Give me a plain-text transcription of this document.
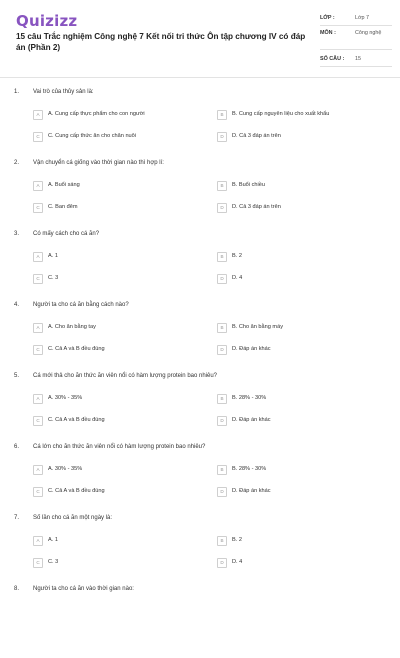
Quizizz
15 câu Trắc nghiệm Công nghệ 7 Kết nối tri thức Ôn tập chương IV có đáp án (Phần 2)
LỚP :	Lớp 7
MÔN :	Công nghệ
SỐ CÂU : 15
1. Vai trò của thủy sản là:
A	A. Cung cấp thực phẩm cho con người	B	B. Cung cấp nguyên liệu cho xuất khẩu
C	C. Cung cấp thức ăn cho chăn nuôi	D	D. Cả 3 đáp án trên
2. Vận chuyển cá giống vào thời gian nào thì hợp lí:
A	A. Buổi sáng	B	B. Buổi chiều
C	C. Ban đêm	D	D. Cả 3 đáp án trên
3. Có mấy cách cho cá ăn?
A	A. 1	B	B. 2
C	C. 3	D	D. 4
4. Người ta cho cá ăn bằng cách nào?
A	A. Cho ăn bằng tay	B	B. Cho ăn bằng máy
C	C. Cả A và B đều đúng	D	D. Đáp án khác
5. Cá mới thả cho ăn thức ăn viên nổi có hàm lượng protein bao nhiêu?
A	A. 30% - 35%	B	B. 28% - 30%
C	C. Cả A và B đều đúng	D	D. Đáp án khác
6. Cá lớn cho ăn thức ăn viên nổi có hàm lượng protein bao nhiêu?
A	A. 30% - 35%	B	B. 28% - 30%
C	C. Cả A và B đều đúng	D	D. Đáp án khác
7. Số lần cho cá ăn một ngày là:
A	A. 1	B	B. 2
C	C. 3	D	D. 4
8. Người ta cho cá ăn vào thời gian nào:
